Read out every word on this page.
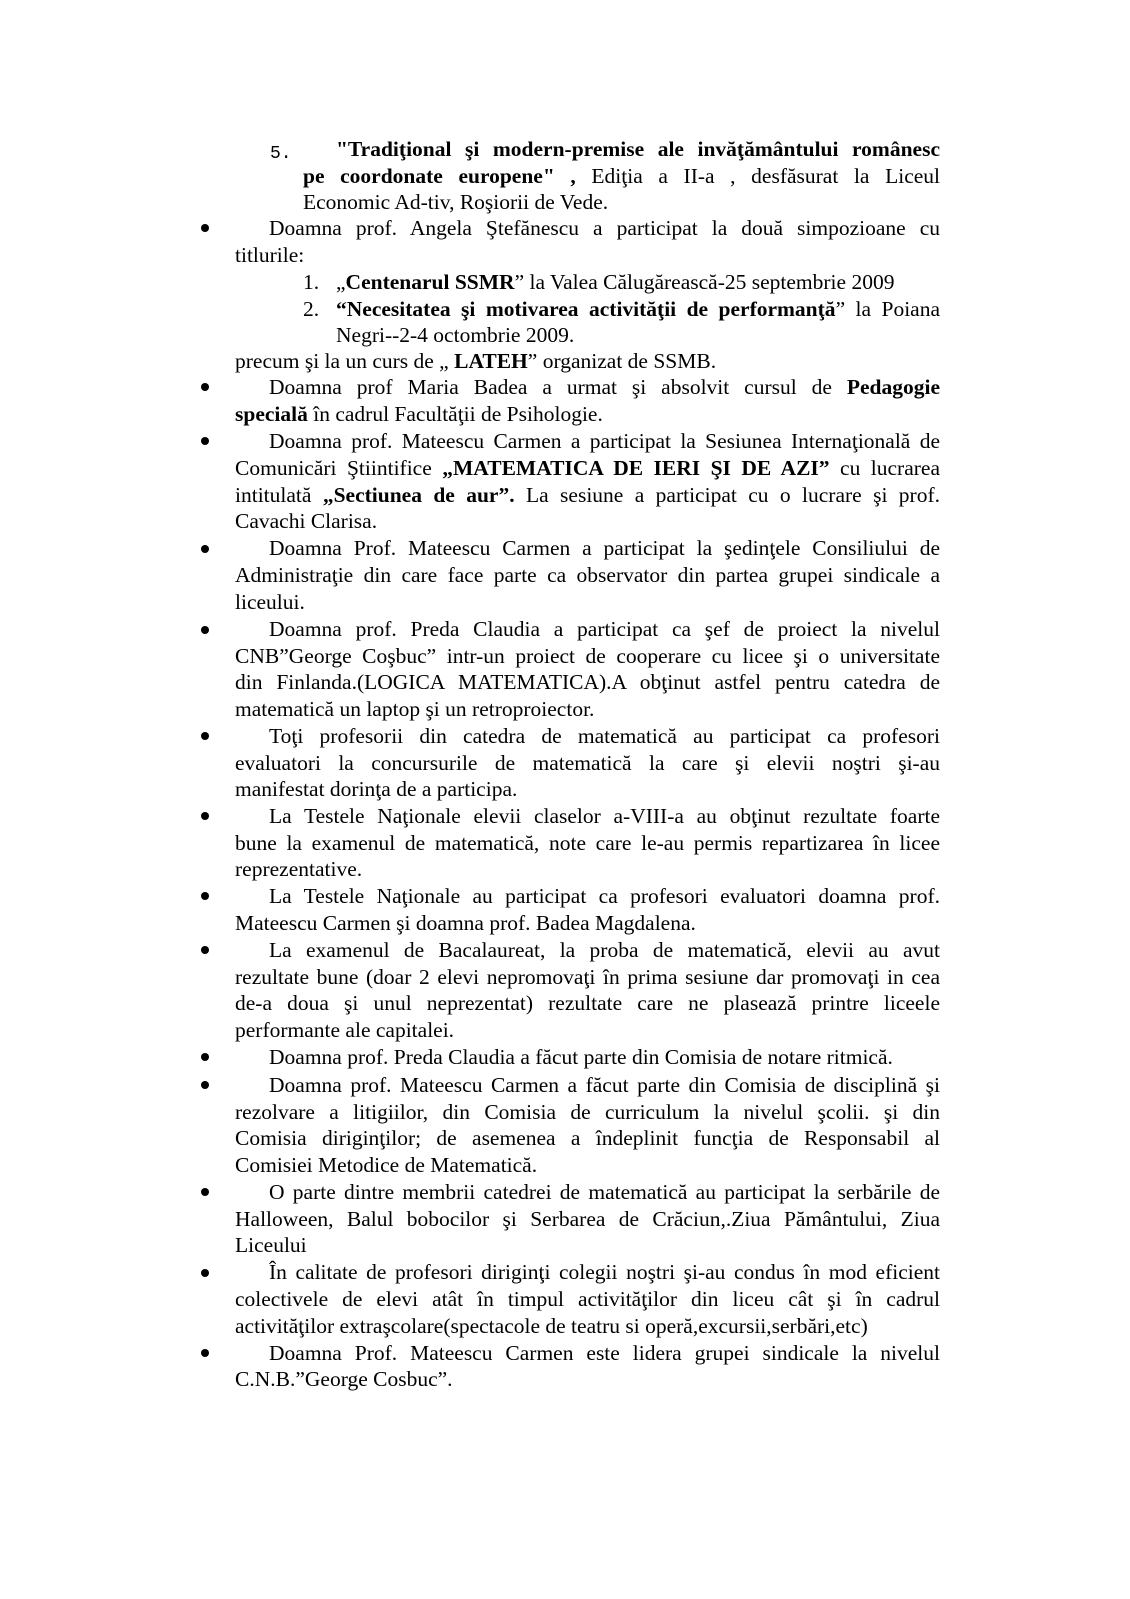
5. "Tradiţional şi modern-premise ale invăţământului românesc
pe coordonate europene" , Ediţia a II-a , desfăsurat la Liceul
Economic Ad-tiv, Roşiorii de Vede.
Doamna prof. Angela Ştefănescu a participat la două simpozioane cu
titlurile:
1. „Centenarul SSMR” la Valea Călugărească-25 septembrie 2009
2. “Necesitatea şi motivarea activităţii de performanţă” la Poiana
Negri--2-4 octombrie 2009.
precum şi la un curs de „ LATEH” organizat de SSMB.
Doamna prof Maria Badea a urmat şi absolvit cursul de Pedagogie
specială în cadrul Facultăţii de Psihologie.
Doamna prof. Mateescu Carmen a participat la Sesiunea Internaţională de
Comunicări Ştiintifice „MATEMATICA DE IERI ŞI DE AZI” cu lucrarea
intitulată „Sectiunea de aur”. La sesiune a participat cu o lucrare şi prof.
Cavachi Clarisa.
Doamna Prof. Mateescu Carmen a participat la şedinţele Consiliului de
Administraţie din care face parte ca observator din partea grupei sindicale a
liceului.
Doamna prof. Preda Claudia a participat ca şef de proiect la nivelul
CNB”George Coşbuc” intr-un proiect de cooperare cu licee şi o universitate
din Finlanda.(LOGICA MATEMATICA).A obţinut astfel pentru catedra de
matematică un laptop şi un retroproiector.
Toţi profesorii din catedra de matematică au participat ca profesori
evaluatori la concursurile de matematică la care şi elevii noştri şi-au
manifestat dorinţa de a participa.
La Testele Naţionale elevii claselor a-VIII-a au obţinut rezultate foarte
bune la examenul de matematică, note care le-au permis repartizarea în licee
reprezentative.
La Testele Naţionale au participat ca profesori evaluatori doamna prof.
Mateescu Carmen şi doamna prof. Badea Magdalena.
La examenul de Bacalaureat, la proba de matematică, elevii au avut
rezultate bune (doar 2 elevi nepromovaţi în prima sesiune dar promovaţi in cea
de-a doua şi unul neprezentat) rezultate care ne plasează printre liceele
performante ale capitalei.
Doamna prof. Preda Claudia a făcut parte din Comisia de notare ritmică.
Doamna prof. Mateescu Carmen a făcut parte din Comisia de disciplină şi
rezolvare a litigiilor, din Comisia de curriculum la nivelul şcolii. şi din
Comisia diriginţilor; de asemenea a îndeplinit funcţia de Responsabil al
Comisiei Metodice de Matematică.
O parte dintre membrii catedrei de matematică au participat la serbările de
Halloween, Balul bobocilor şi Serbarea de Crăciun,.Ziua Pământului, Ziua
Liceului
În calitate de profesori diriginţi colegii noştri şi-au condus în mod eficient
colectivele de elevi atât în timpul activităţilor din liceu cât şi în cadrul
activităţilor extraşcolare(spectacole de teatru si operă,excursii,serbări,etc)
Doamna Prof. Mateescu Carmen este lidera grupei sindicale la nivelul
C.N.B.”George Cosbuc”.
